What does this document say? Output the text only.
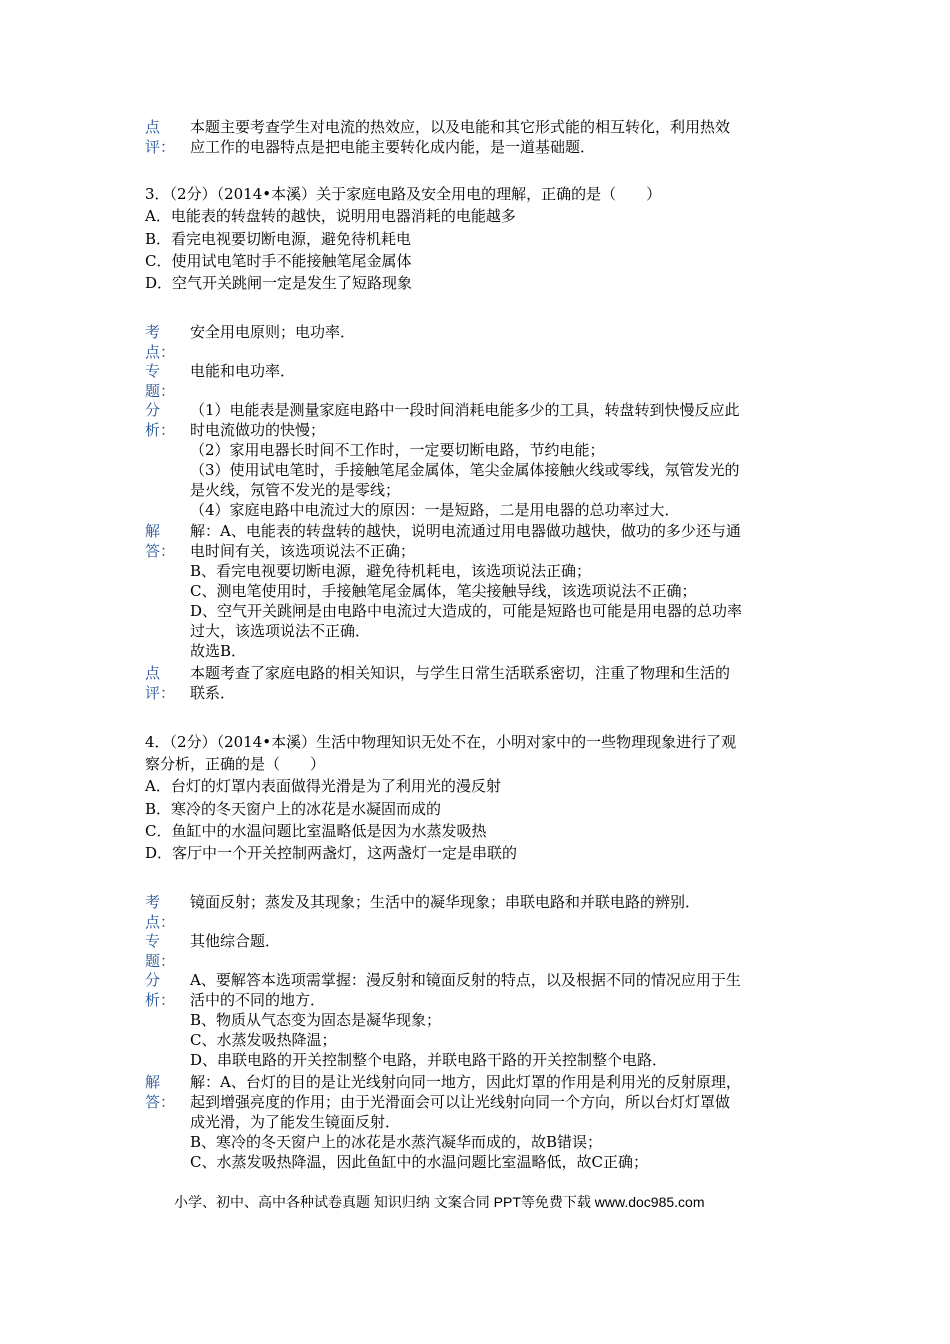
点
评：
本题主要考查学生对电流的热效应，以及电能和其它形式能的相互转化，利用热效
应工作的电器特点是把电能主要转化成内能，是一道基础题．
3．（2分）（2014•本溪）关于家庭电路及安全用电的理解，正确的是（　　）
A．电能表的转盘转的越快，说明用电器消耗的电能越多
B．看完电视要切断电源，避免待机耗电
C．使用试电笔时手不能接触笔尾金属体
D．空气开关跳闸一定是发生了短路现象
考
点：
安全用电原则；电功率．
专
题：
电能和电功率．
分
析：
（1）电能表是测量家庭电路中一段时间消耗电能多少的工具，转盘转到快慢反应此
时电流做功的快慢；
（2）家用电器长时间不工作时，一定要切断电路，节约电能；
（3）使用试电笔时，手接触笔尾金属体，笔尖金属体接触火线或零线，氖管发光的
是火线，氖管不发光的是零线；
（4）家庭电路中电流过大的原因：一是短路，二是用电器的总功率过大．
解
答：
解：A、电能表的转盘转的越快，说明电流通过用电器做功越快，做功的多少还与通
电时间有关，该选项说法不正确；
B、看完电视要切断电源，避免待机耗电，该选项说法正确；
C、测电笔使用时，手接触笔尾金属体，笔尖接触导线，该选项说法不正确；
D、空气开关跳闸是由电路中电流过大造成的，可能是短路也可能是用电器的总功率
过大，该选项说法不正确．
故选B．
点
评：
本题考查了家庭电路的相关知识，与学生日常生活联系密切，注重了物理和生活的
联系．
4．（2分）（2014•本溪）生活中物理知识无处不在，小明对家中的一些物理现象进行了观
察分析，正确的是（　　）
A．台灯的灯罩内表面做得光滑是为了利用光的漫反射
B．寒冷的冬天窗户上的冰花是水凝固而成的
C．鱼缸中的水温问题比室温略低是因为水蒸发吸热
D．客厅中一个开关控制两盏灯，这两盏灯一定是串联的
考
点：
镜面反射；蒸发及其现象；生活中的凝华现象；串联电路和并联电路的辨别．
专
题：
其他综合题．
分
析：
A、要解答本选项需掌握：漫反射和镜面反射的特点，以及根据不同的情况应用于生
活中的不同的地方．
B、物质从气态变为固态是凝华现象；
C、水蒸发吸热降温；
D、串联电路的开关控制整个电路，并联电路干路的开关控制整个电路．
解
答：
解：A、台灯的目的是让光线射向同一地方，因此灯罩的作用是利用光的反射原理，
起到增强亮度的作用；由于光滑面会可以让光线射向同一个方向，所以台灯灯罩做
成光滑，为了能发生镜面反射．
B、寒冷的冬天窗户上的冰花是水蒸汽凝华而成的，故B错误；
C、水蒸发吸热降温，因此鱼缸中的水温问题比室温略低，故C正确；
小学、初中、高中各种试卷真题 知识归纳 文案合同 PPT等免费下载 www.doc985.com
